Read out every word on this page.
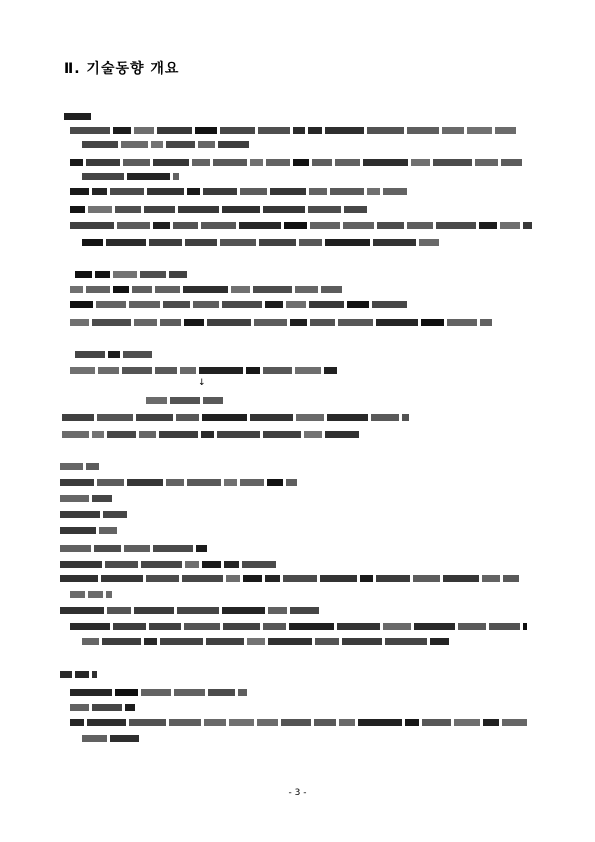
Ⅱ. 기술동향 개요
↓
- 3 -
